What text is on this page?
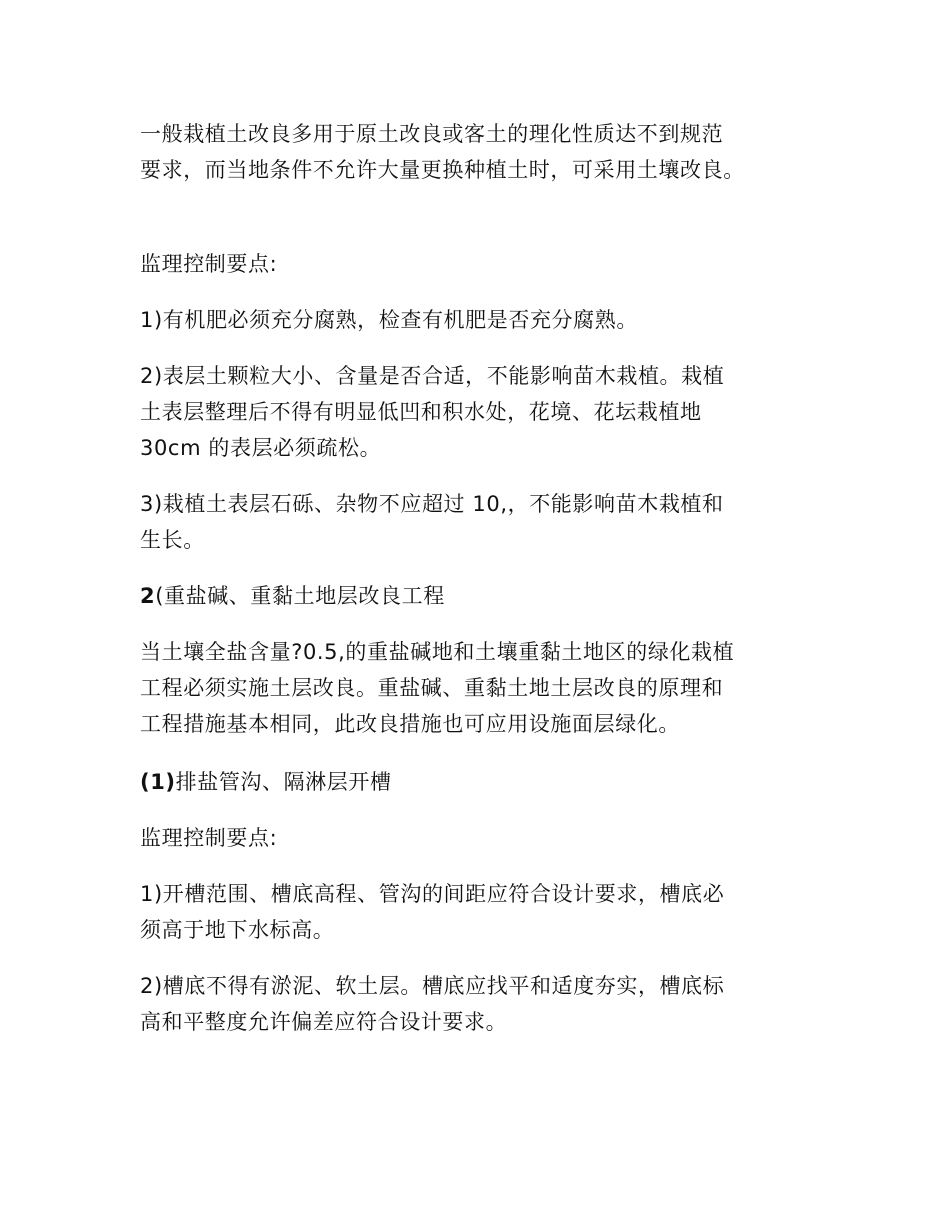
一般栽植土改良多用于原土改良或客土的理化性质达不到规范
要求，而当地条件不允许大量更换种植土时，可采用土壤改良。

监理控制要点:

1)有机肥必须充分腐熟，检查有机肥是否充分腐熟。

2)表层土颗粒大小、含量是否合适，不能影响苗木栽植。栽植
土表层整理后不得有明显低凹和积水处，花境、花坛栽植地
30cm 的表层必须疏松。

3)栽植土表层石砾、杂物不应超过 10,，不能影响苗木栽植和
生长。

2(重盐碱、重黏土地层改良工程

当土壤全盐含量?0.5,的重盐碱地和土壤重黏土地区的绿化栽植
工程必须实施土层改良。重盐碱、重黏土地土层改良的原理和
工程措施基本相同，此改良措施也可应用设施面层绿化。

(1)排盐管沟、隔淋层开槽

监理控制要点:

1)开槽范围、槽底高程、管沟的间距应符合设计要求，槽底必
须高于地下水标高。

2)槽底不得有淤泥、软土层。槽底应找平和适度夯实，槽底标
高和平整度允许偏差应符合设计要求。
